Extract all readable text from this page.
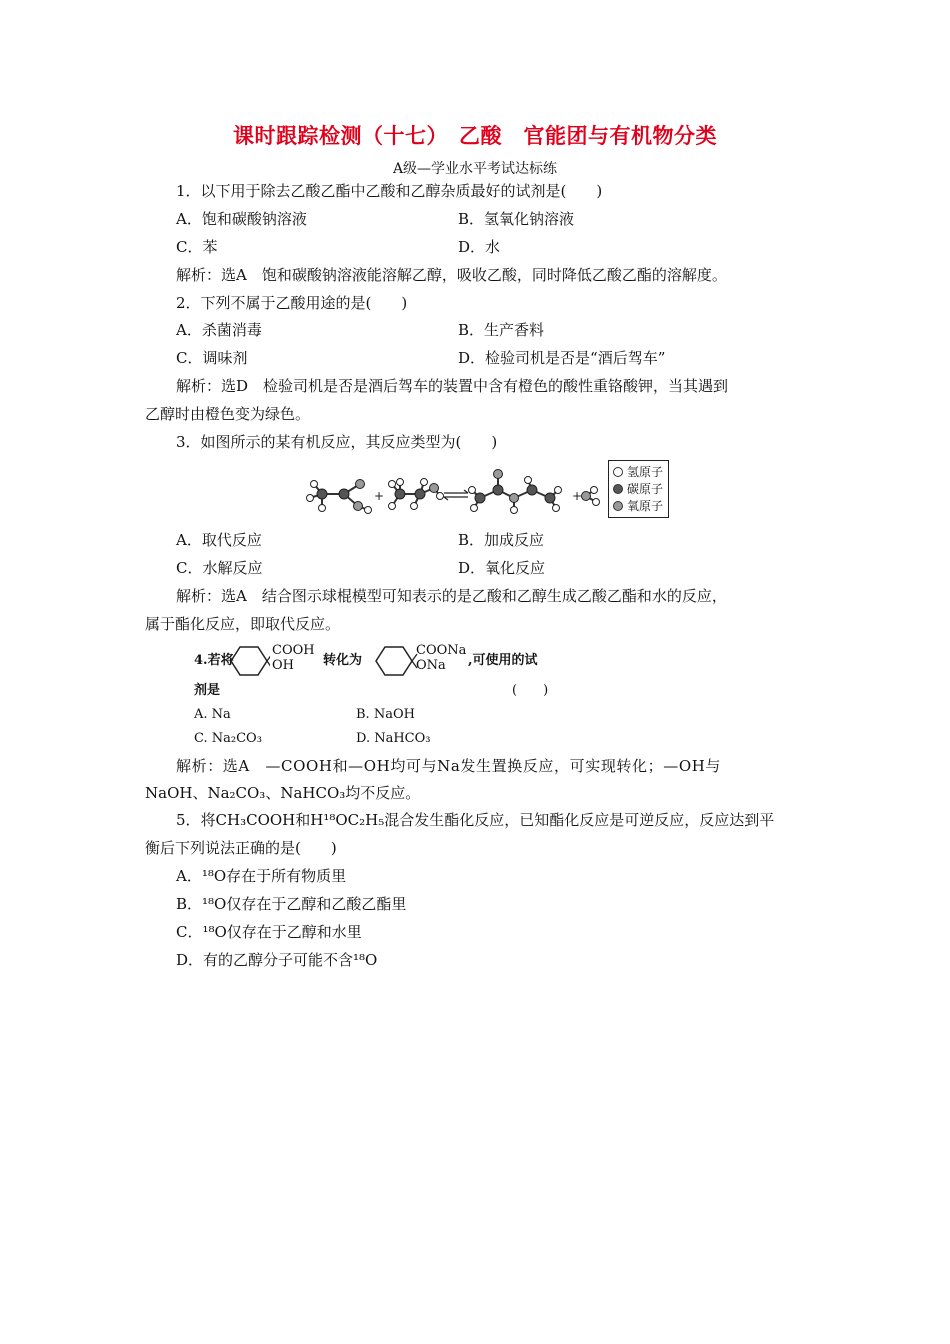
课时跟踪检测（十七）　乙酸　官能团与有机物分类
A级—学业水平考试达标练
1．以下用于除去乙酸乙酯中乙酸和乙醇杂质最好的试剂是(　　)
A．饱和碳酸钠溶液	B．氢氧化钠溶液
C．苯	D．水
解析：选A　饱和碳酸钠溶液能溶解乙醇，吸收乙酸，同时降低乙酸乙酯的溶解度。
2．下列不属于乙酸用途的是(　　)
A．杀菌消毒	B．生产香料
C．调味剂	D．检验司机是否是“酒后驾车”
解析：选D　检验司机是否是酒后驾车的装置中含有橙色的酸性重铬酸钾，当其遇到
乙醇时由橙色变为绿色。
3．如图所示的某有机反应，其反应类型为(　　)
+	+
氢原子
碳原子
氧原子
A．取代反应	B．加成反应
C．水解反应	D．氧化反应
解析：选A　结合图示球棍模型可知表示的是乙酸和乙醇生成乙酸乙酯和水的反应，
属于酯化反应，即取代反应。
4.若将
COOH
OH 转化为
COONa
ONa ,可使用的试
剂是	(　　)
A. Na	B. NaOH
C. Na₂CO₃	D. NaHCO₃
解析：选A　—COOH和—OH均可与Na发生置换反应，可实现转化；—OH与
NaOH、Na₂CO₃、NaHCO₃均不反应。
5．将CH₃COOH和H¹⁸OC₂H₅混合发生酯化反应，已知酯化反应是可逆反应，反应达到平
衡后下列说法正确的是(　　)
A．¹⁸O存在于所有物质里
B．¹⁸O仅存在于乙醇和乙酸乙酯里
C．¹⁸O仅存在于乙醇和水里
D．有的乙醇分子可能不含¹⁸O
